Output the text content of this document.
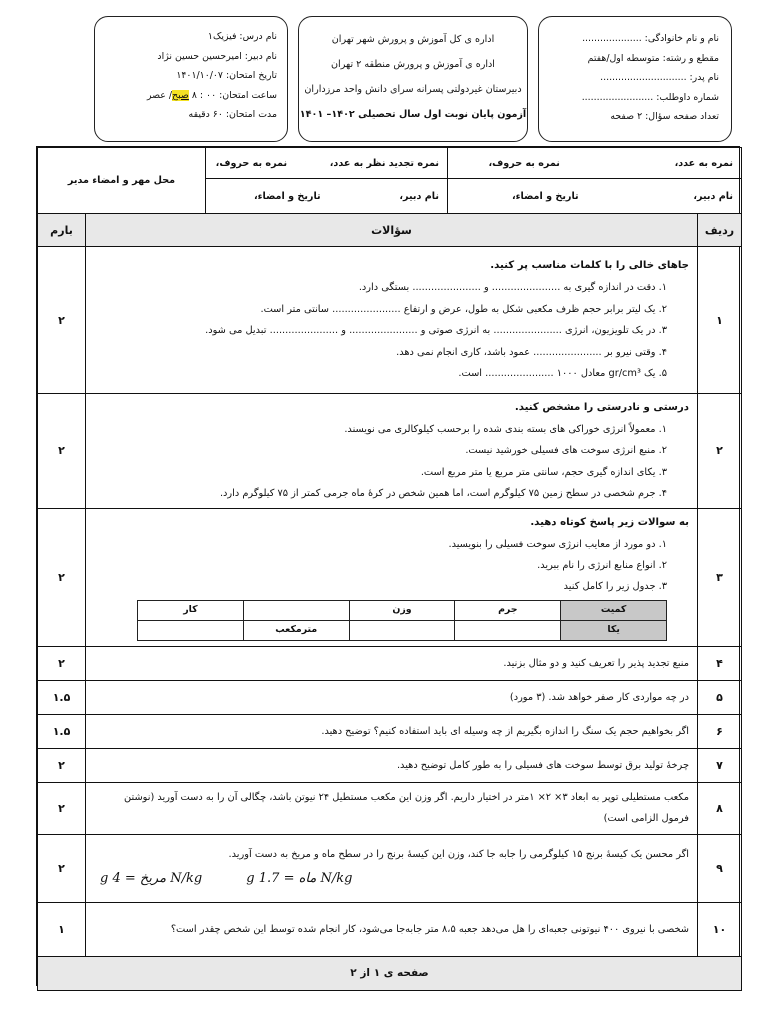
نام و نام خانوادگی: ....................
مقطع و رشته: متوسطه اول/هفتم
نام پدر: .............................
شماره داوطلب: ........................
تعداد صفحه سؤال: ۲ صفحه
اداره ی کل آموزش و پرورش شهر تهران
اداره ی آموزش و پرورش منطقه ۲ تهران
دبیرستان غیردولتی پسرانه سرای دانش واحد مرزداران
آزمون پایان نوبت اول سال تحصیلی ۱۴۰۲– ۱۴۰۱
نام درس: فیزیک۱
نام دبیر: امیرحسین حسین نژاد
تاریخ امتحان: ۱۴۰۱/۱۰/۰۷
ساعت امتحان: ۰۰ : ۸ صبح/ عصر
مدت امتحان: ۶۰ دقیقه
نمره به عدد،  نمره به حروف،	نمره تجدید نظر به عدد،  نمره به حروف،	محل مهر و امضاء مدیر
نام دبیر،  تاریخ و امضاء،	نام دبیر،  تاریخ و امضاء،	
ردیف	سؤالات	بارم
۱	
جاهای خالی را با کلمات مناسب پر کنید.
۱. دقت در اندازه گیری به ...................... و ...................... بستگی دارد.
۲. یک لیتر برابر حجم ظرف مکعبی شکل به طول، عرض و ارتفاع ...................... سانتی متر است.
۳. در یک تلویزیون، انرژی ...................... به انرژی صوتی و ...................... و ...................... تبدیل می شود.
۴. وقتی نیرو بر ...................... عمود باشد، کاری انجام نمی دهد.
۵. یک gr/cm³ معادل ۱۰۰۰ ...................... است.
	۲
۲	
درستی و نادرستی را مشخص کنید.
۱. معمولاً انرژی خوراکی های بسته بندی شده را برحسب کیلوکالری می نویسند.
۲. منبع انرژی سوخت های فسیلی خورشید نیست.
۳. یکای اندازه گیری حجم، سانتی متر مربع یا متر مربع است.
۴. جرم شخصی در سطح زمین ۷۵ کیلوگرم است، اما همین شخص در کرهٔ ماه جرمی کمتر از ۷۵ کیلوگرم دارد.
	۲
۳	
به سوالات زیر پاسخ کوتاه دهید.
۱. دو مورد از معایب انرژی سوخت فسیلی را بنویسید.
۲. انواع منابع انرژی را نام ببرید.
۳. جدول زیر را کامل کنید
کمیت	جرم	وزن		کار
یکا			مترمکعب	
	۲
۴	
منبع تجدید پذیر را تعریف کنید و دو مثال بزنید.
	۲
۵	
در چه مواردی کار صفر خواهد شد. (۳ مورد)
	۱.۵
۶	
اگر بخواهیم حجم یک سنگ را اندازه بگیریم از چه وسیله ای باید استفاده کنیم؟ توضیح دهید.
	۱.۵
۷	
چرخهٔ تولید برق توسط سوخت های فسیلی را به طور کامل توضیح دهید.
	۲
۸	
مکعب مستطیلی توپر به ابعاد ۳× ۲× ۱متر در اختیار داریم. اگر وزن این مکعب مستطیل ۲۴ نیوتن باشد، چگالی آن را به دست آورید (نوشتن فرمول الزامی است)
	۲
۹	
اگر محسن یک کیسهٔ برنج ۱۵ کیلوگرمی را جابه جا کند، وزن این کیسهٔ برنج را در سطح ماه و مریخ به دست آورید.
g مریخ = 4 N/kg	g ماه = 1.7 N/kg
	۲
۱۰	
شخصی با نیروی ۴۰۰ نیوتونی جعبه‌ای را هل می‌دهد جعبه ۸،۵ متر جابه‌جا می‌شود، کار انجام شده توسط این شخص چقدر است؟
	۱
صفحه ی ۱ از ۲
